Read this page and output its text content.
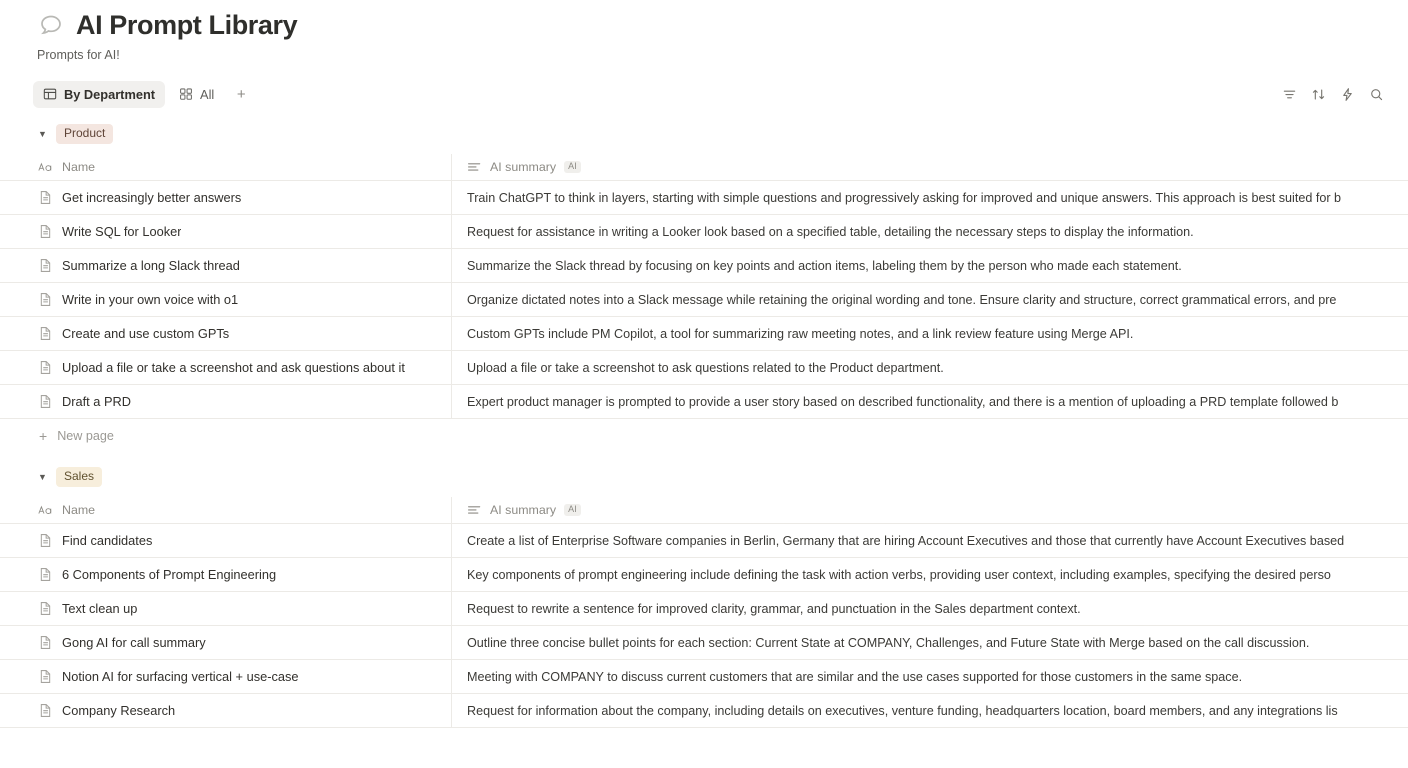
AI Prompt Library
Prompts for AI!
By Department	All	+
▼	Product
Name	AI summary	AI
Get increasingly better answers	Train ChatGPT to think in layers, starting with simple questions and progressively asking for improved and unique answers. This approach is best suited for b
Write SQL for Looker	Request for assistance in writing a Looker look based on a specified table, detailing the necessary steps to display the information.
Summarize a long Slack thread	Summarize the Slack thread by focusing on key points and action items, labeling them by the person who made each statement.
Write in your own voice with o1	Organize dictated notes into a Slack message while retaining the original wording and tone. Ensure clarity and structure, correct grammatical errors, and pre
Create and use custom GPTs	Custom GPTs include PM Copilot, a tool for summarizing raw meeting notes, and a link review feature using Merge API.
Upload a file or take a screenshot and ask questions about it	Upload a file or take a screenshot to ask questions related to the Product department.
Draft a PRD	Expert product manager is prompted to provide a user story based on described functionality, and there is a mention of uploading a PRD template followed b
+ New page
▼	Sales
Name	AI summary	AI
Find candidates	Create a list of Enterprise Software companies in Berlin, Germany that are hiring Account Executives and those that currently have Account Executives based
6 Components of Prompt Engineering	Key components of prompt engineering include defining the task with action verbs, providing user context, including examples, specifying the desired perso
Text clean up	Request to rewrite a sentence for improved clarity, grammar, and punctuation in the Sales department context.
Gong AI for call summary	Outline three concise bullet points for each section: Current State at COMPANY, Challenges, and Future State with Merge based on the call discussion.
Notion AI for surfacing vertical + use-case	Meeting with COMPANY to discuss current customers that are similar and the use cases supported for those customers in the same space.
Company Research	Request for information about the company, including details on executives, venture funding, headquarters location, board members, and any integrations lis
